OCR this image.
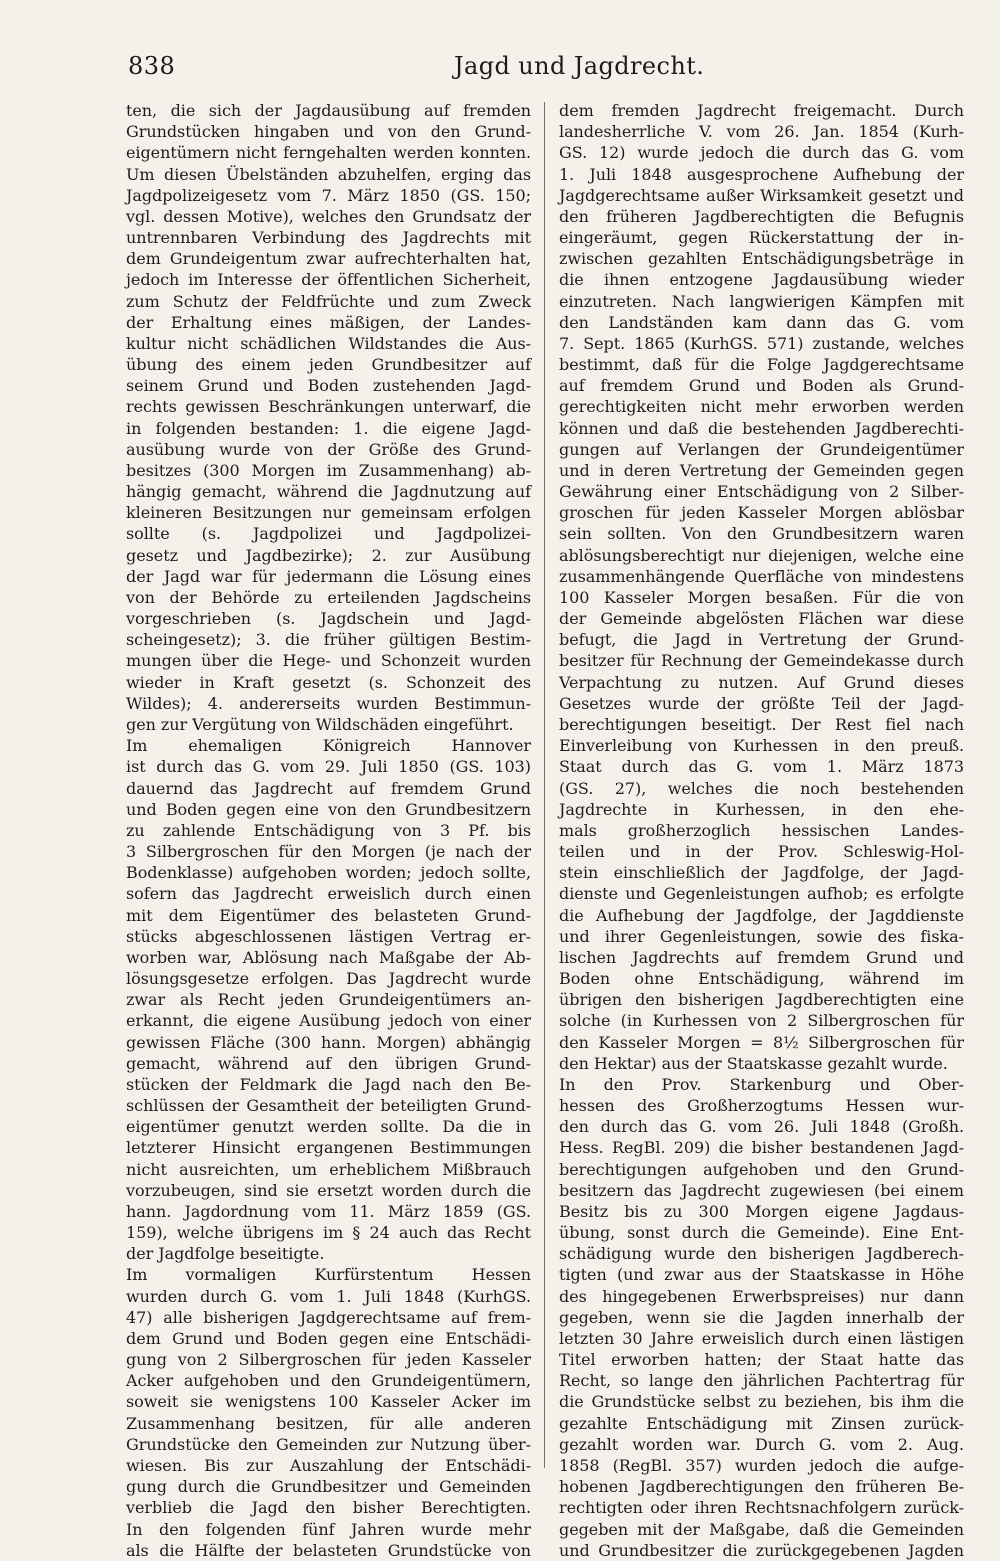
838	Jagd und Jagdrecht.
ten, die sich der Jagdausübung auf fremden
Grundstücken hingaben und von den Grund-
eigentümern nicht ferngehalten werden konnten.
Um diesen Übelständen abzuhelfen, erging das
Jagdpolizeigesetz vom 7. März 1850 (GS. 150;
vgl. dessen Motive), welches den Grundsatz der
untrennbaren Verbindung des Jagdrechts mit
dem Grundeigentum zwar aufrechterhalten hat,
jedoch im Interesse der öffentlichen Sicherheit,
zum Schutz der Feldfrüchte und zum Zweck
der Erhaltung eines mäßigen, der Landes-
kultur nicht schädlichen Wildstandes die Aus-
übung des einem jeden Grundbesitzer auf
seinem Grund und Boden zustehenden Jagd-
rechts gewissen Beschränkungen unterwarf, die
in folgenden bestanden: 1. die eigene Jagd-
ausübung wurde von der Größe des Grund-
besitzes (300 Morgen im Zusammenhang) ab-
hängig gemacht, während die Jagdnutzung auf
kleineren Besitzungen nur gemeinsam erfolgen
sollte (s. Jagdpolizei und Jagdpolizei-
gesetz und Jagdbezirke); 2. zur Ausübung
der Jagd war für jedermann die Lösung eines
von der Behörde zu erteilenden Jagdscheins
vorgeschrieben (s. Jagdschein und Jagd-
scheingesetz); 3. die früher gültigen Bestim-
mungen über die Hege- und Schonzeit wurden
wieder in Kraft gesetzt (s. Schonzeit des
Wildes); 4. andererseits wurden Bestimmun-
gen zur Vergütung von Wildschäden eingeführt.
Im ehemaligen Königreich Hannover
ist durch das G. vom 29. Juli 1850 (GS. 103)
dauernd das Jagdrecht auf fremdem Grund
und Boden gegen eine von den Grundbesitzern
zu zahlende Entschädigung von 3 Pf. bis
3 Silbergroschen für den Morgen (je nach der
Bodenklasse) aufgehoben worden; jedoch sollte,
sofern das Jagdrecht erweislich durch einen
mit dem Eigentümer des belasteten Grund-
stücks abgeschlossenen lästigen Vertrag er-
worben war, Ablösung nach Maßgabe der Ab-
lösungsgesetze erfolgen. Das Jagdrecht wurde
zwar als Recht jeden Grundeigentümers an-
erkannt, die eigene Ausübung jedoch von einer
gewissen Fläche (300 hann. Morgen) abhängig
gemacht, während auf den übrigen Grund-
stücken der Feldmark die Jagd nach den Be-
schlüssen der Gesamtheit der beteiligten Grund-
eigentümer genutzt werden sollte. Da die in
letzterer Hinsicht ergangenen Bestimmungen
nicht ausreichten, um erheblichem Mißbrauch
vorzubeugen, sind sie ersetzt worden durch die
hann. Jagdordnung vom 11. März 1859 (GS.
159), welche übrigens im § 24 auch das Recht
der Jagdfolge beseitigte.
Im vormaligen Kurfürstentum Hessen
wurden durch G. vom 1. Juli 1848 (KurhGS.
47) alle bisherigen Jagdgerechtsame auf frem-
dem Grund und Boden gegen eine Entschädi-
gung von 2 Silbergroschen für jeden Kasseler
Acker aufgehoben und den Grundeigentümern,
soweit sie wenigstens 100 Kasseler Acker im
Zusammenhang besitzen, für alle anderen
Grundstücke den Gemeinden zur Nutzung über-
wiesen. Bis zur Auszahlung der Entschädi-
gung durch die Grundbesitzer und Gemeinden
verblieb die Jagd den bisher Berechtigten.
In den folgenden fünf Jahren wurde mehr
als die Hälfte der belasteten Grundstücke von
dem fremden Jagdrecht freigemacht. Durch
landesherrliche V. vom 26. Jan. 1854 (Kurh-
GS. 12) wurde jedoch die durch das G. vom
1. Juli 1848 ausgesprochene Aufhebung der
Jagdgerechtsame außer Wirksamkeit gesetzt und
den früheren Jagdberechtigten die Befugnis
eingeräumt, gegen Rückerstattung der in-
zwischen gezahlten Entschädigungsbeträge in
die ihnen entzogene Jagdausübung wieder
einzutreten. Nach langwierigen Kämpfen mit
den Landständen kam dann das G. vom
7. Sept. 1865 (KurhGS. 571) zustande, welches
bestimmt, daß für die Folge Jagdgerechtsame
auf fremdem Grund und Boden als Grund-
gerechtigkeiten nicht mehr erworben werden
können und daß die bestehenden Jagdberechti-
gungen auf Verlangen der Grundeigentümer
und in deren Vertretung der Gemeinden gegen
Gewährung einer Entschädigung von 2 Silber-
groschen für jeden Kasseler Morgen ablösbar
sein sollten. Von den Grundbesitzern waren
ablösungsberechtigt nur diejenigen, welche eine
zusammenhängende Querfläche von mindestens
100 Kasseler Morgen besaßen. Für die von
der Gemeinde abgelösten Flächen war diese
befugt, die Jagd in Vertretung der Grund-
besitzer für Rechnung der Gemeindekasse durch
Verpachtung zu nutzen. Auf Grund dieses
Gesetzes wurde der größte Teil der Jagd-
berechtigungen beseitigt. Der Rest fiel nach
Einverleibung von Kurhessen in den preuß.
Staat durch das G. vom 1. März 1873
(GS. 27), welches die noch bestehenden
Jagdrechte in Kurhessen, in den ehe-
mals großherzoglich hessischen Landes-
teilen und in der Prov. Schleswig-Hol-
stein einschließlich der Jagdfolge, der Jagd-
dienste und Gegenleistungen aufhob; es erfolgte
die Aufhebung der Jagdfolge, der Jagddienste
und ihrer Gegenleistungen, sowie des fiska-
lischen Jagdrechts auf fremdem Grund und
Boden ohne Entschädigung, während im
übrigen den bisherigen Jagdberechtigten eine
solche (in Kurhessen von 2 Silbergroschen für
den Kasseler Morgen = 8½ Silbergroschen für
den Hektar) aus der Staatskasse gezahlt wurde.
In den Prov. Starkenburg und Ober-
hessen des Großherzogtums Hessen wur-
den durch das G. vom 26. Juli 1848 (Großh.
Hess. RegBl. 209) die bisher bestandenen Jagd-
berechtigungen aufgehoben und den Grund-
besitzern das Jagdrecht zugewiesen (bei einem
Besitz bis zu 300 Morgen eigene Jagdaus-
übung, sonst durch die Gemeinde). Eine Ent-
schädigung wurde den bisherigen Jagdberech-
tigten (und zwar aus der Staatskasse in Höhe
des hingegebenen Erwerbspreises) nur dann
gegeben, wenn sie die Jagden innerhalb der
letzten 30 Jahre erweislich durch einen lästigen
Titel erworben hatten; der Staat hatte das
Recht, so lange den jährlichen Pachtertrag für
die Grundstücke selbst zu beziehen, bis ihm die
gezahlte Entschädigung mit Zinsen zurück-
gezahlt worden war. Durch G. vom 2. Aug.
1858 (RegBl. 357) wurden jedoch die aufge-
hobenen Jagdberechtigungen den früheren Be-
rechtigten oder ihren Rechtsnachfolgern zurück-
gegeben mit der Maßgabe, daß die Gemeinden
und Grundbesitzer die zurückgegebenen Jagden
